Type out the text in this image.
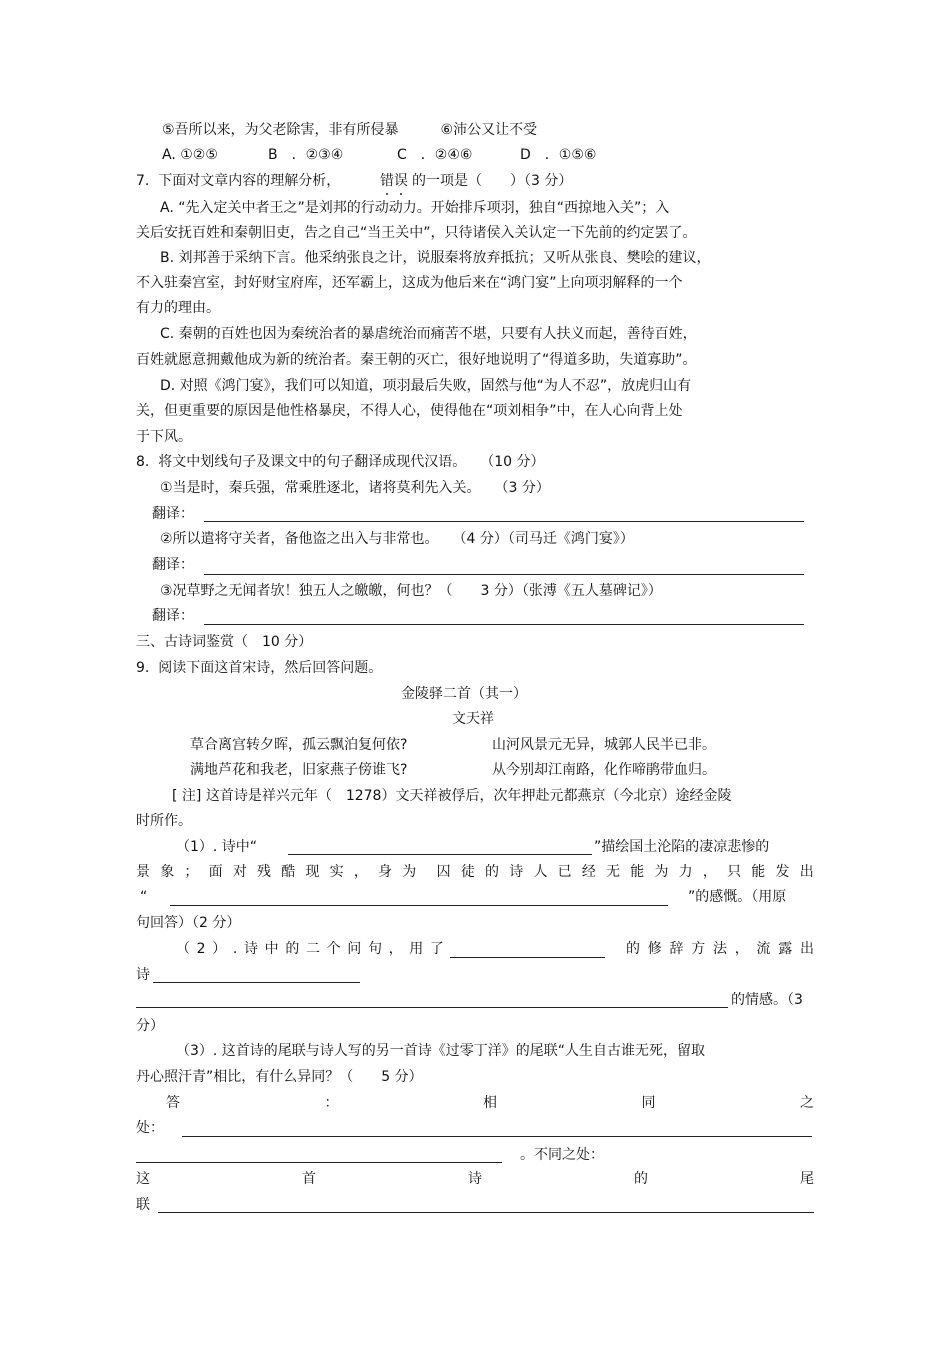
⑤吾所以来，为父老除害，非有所侵暴　　　⑥沛公又让不受
A. ①②⑤	B　．②③④	C　．②④⑥	D　．①⑤⑥
7.  下面对文章内容的理解分析，	错误 的一项是（　　）（3 分）
A. “先入定关中者王之”是刘邦的行动动力。开始排斥项羽，独自“西掠地入关”；入
关后安抚百姓和秦朝旧吏，告之自己“当王关中”，只待诸侯入关认定一下先前的约定罢了。
B. 刘邦善于采纳下言。他采纳张良之计，说服秦将放弃抵抗；又听从张良、樊哙的建议，
不入驻秦宫室，封好财宝府库，还军霸上，这成为他后来在“鸿门宴”上向项羽解释的一个
有力的理由。
C. 秦朝的百姓也因为秦统治者的暴虐统治而痛苦不堪，只要有人扶义而起，善待百姓，
百姓就愿意拥戴他成为新的统治者。秦王朝的灭亡，很好地说明了“得道多助，失道寡助”。
D. 对照《鸿门宴》，我们可以知道，项羽最后失败，固然与他“为人不忍”，放虎归山有
关，但更重要的原因是他性格暴戾，不得人心，使得他在“项刘相争”中，在人心向背上处
于下风。
8.  将文中划线句子及课文中的句子翻译成现代汉语。　　（10 分）
①当是时，秦兵强，常乘胜逐北，诸将莫利先入关。　　（3 分）
翻译：
②所以遣将守关者，备他盗之出入与非常也。　　（4 分）（司马迁《鸿门宴》）
翻译：
③况草野之无闻者欤！独五人之皦皦，何也？（　　3 分）（张溥《五人墓碑记》）
翻译：
三、古诗词鉴赏（　10 分）
9.  阅读下面这首宋诗，然后回答问题。
金陵驿二首（其一）
文天祥
草合离宫转夕晖，孤云飘泊复何依?	山河风景元无异，城郭人民半已非。
满地芦花和我老，旧家燕子傍谁飞?	从今别却江南路，化作啼鹃带血归。
[ 注] 这首诗是祥兴元年（　1278）文天祥被俘后，次年押赴元都燕京（今北京）途经金陵
时所作。
（1）. 诗中“	”描绘国土沦陷的凄凉悲惨的
景 象 ； 面 对 残 酷 现 实 ， 身 为 囚 徒 的 诗 人 已 经 无 能 为 力 ， 只 能 发 出
“	”的感慨。（用原
句回答）（2 分）
（ 2 ） . 诗 中 的 二 个 问 句 ， 用 了	的 修 辞 方 法 ， 流 露 出
诗
的情感。（3
分）
（3）. 这首诗的尾联与诗人写的另一首诗《过零丁洋》的尾联“人生自古谁无死，留取
丹心照汗青”相比，有什么异同？（　　5 分）
答	：	相	同	之
处：
。不同之处：
这	首	诗	的	尾
联
